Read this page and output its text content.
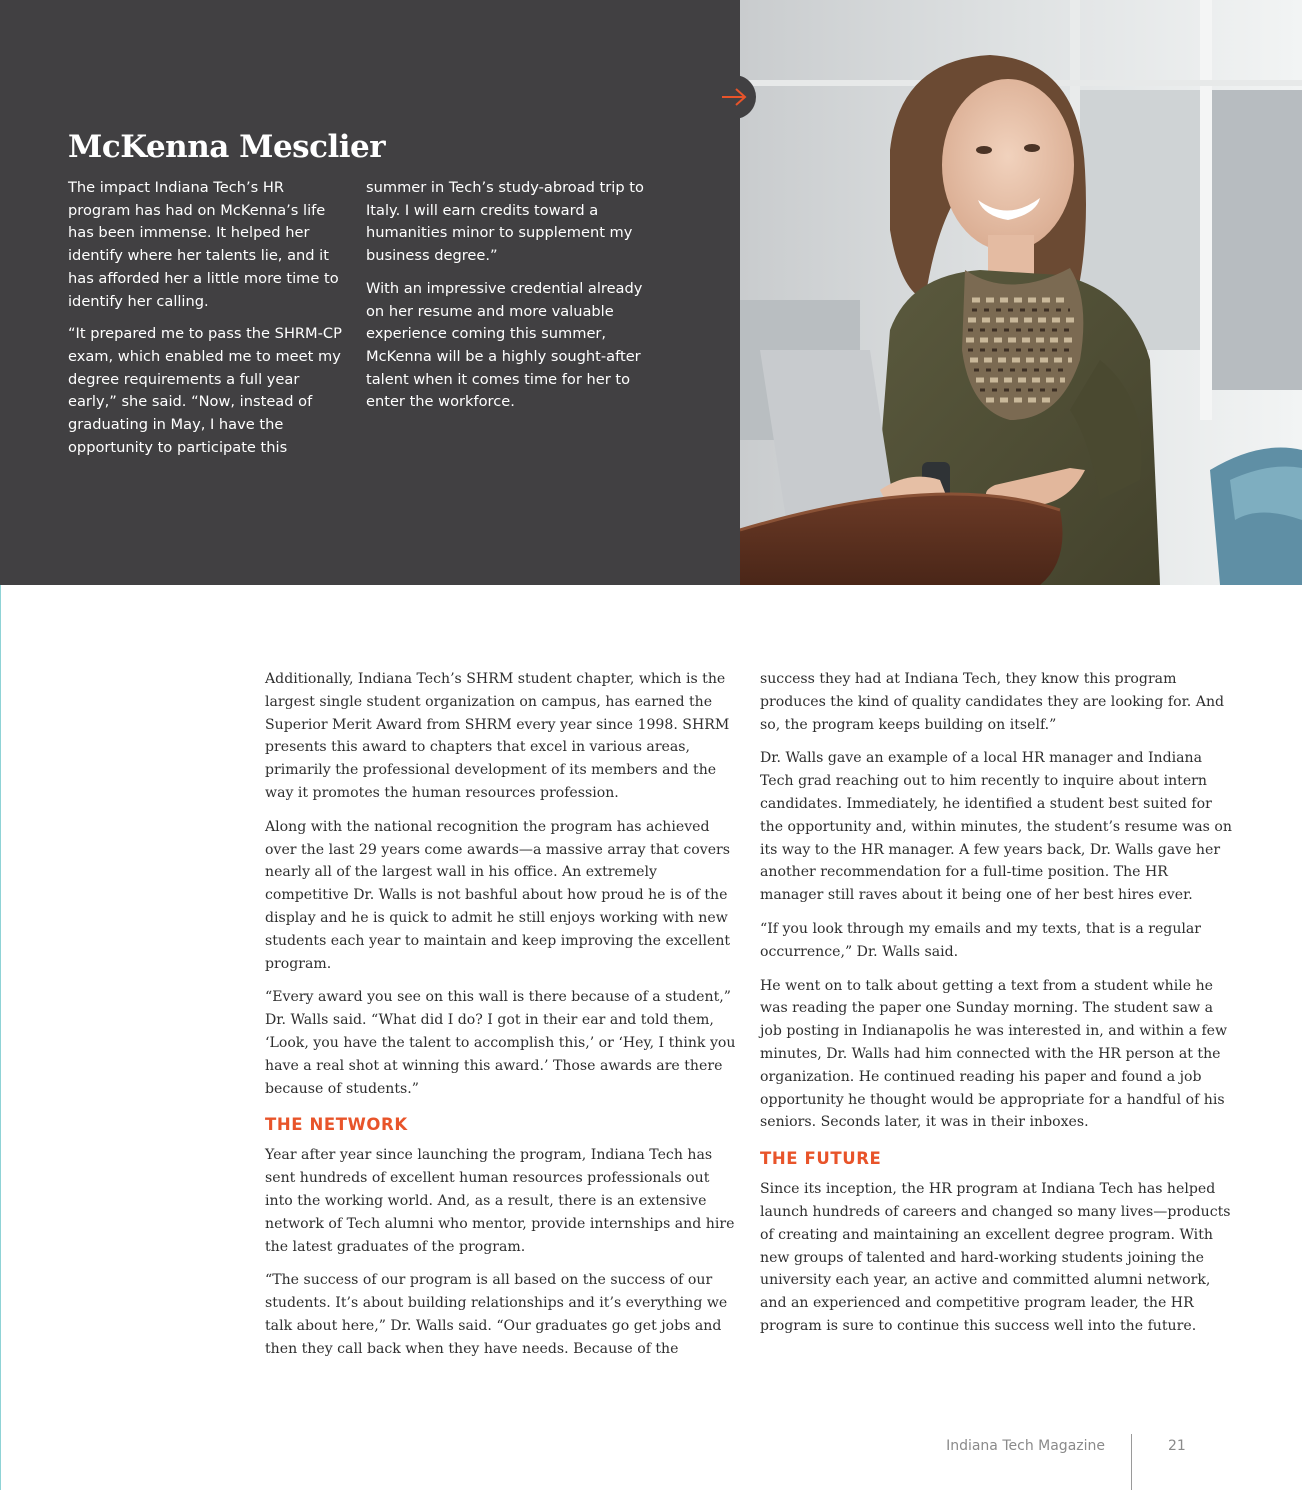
McKenna Mesclier

The impact Indiana Tech’s HR program has had on McKenna’s life has been immense. It helped her identify where her talents lie, and it has afforded her a little more time to identify her calling.

“It prepared me to pass the SHRM-CP exam, which enabled me to meet my degree requirements a full year early,” she said. “Now, instead of graduating in May, I have the opportunity to participate this

summer in Tech’s study-abroad trip to Italy. I will earn credits toward a humanities minor to supplement my business degree.”

With an impressive credential already on her resume and more valuable experience coming this summer, McKenna will be a highly sought-after talent when it comes time for her to enter the workforce.

Additionally, Indiana Tech’s SHRM student chapter, which is the largest single student organization on campus, has earned the Superior Merit Award from SHRM every year since 1998. SHRM presents this award to chapters that excel in various areas, primarily the professional development of its members and the way it promotes the human resources profession.

Along with the national recognition the program has achieved over the last 29 years come awards—a massive array that covers nearly all of the largest wall in his office. An extremely competitive Dr. Walls is not bashful about how proud he is of the display and he is quick to admit he still enjoys working with new students each year to maintain and keep improving the excellent program.

“Every award you see on this wall is there because of a student,” Dr. Walls said. “What did I do? I got in their ear and told them, ‘Look, you have the talent to accomplish this,’ or ‘Hey, I think you have a real shot at winning this award.’ Those awards are there because of students.”

THE NETWORK

Year after year since launching the program, Indiana Tech has sent hundreds of excellent human resources professionals out into the working world. And, as a result, there is an extensive network of Tech alumni who mentor, provide internships and hire the latest graduates of the program.

“The success of our program is all based on the success of our students. It’s about building relationships and it’s everything we talk about here,” Dr. Walls said. “Our graduates go get jobs and then they call back when they have needs. Because of the

success they had at Indiana Tech, they know this program produces the kind of quality candidates they are looking for. And so, the program keeps building on itself.”

Dr. Walls gave an example of a local HR manager and Indiana Tech grad reaching out to him recently to inquire about intern candidates. Immediately, he identified a student best suited for the opportunity and, within minutes, the student’s resume was on its way to the HR manager. A few years back, Dr. Walls gave her another recommendation for a full-time position. The HR manager still raves about it being one of her best hires ever.

“If you look through my emails and my texts, that is a regular occurrence,” Dr. Walls said.

He went on to talk about getting a text from a student while he was reading the paper one Sunday morning. The student saw a job posting in Indianapolis he was interested in, and within a few minutes, Dr. Walls had him connected with the HR person at the organization. He continued reading his paper and found a job opportunity he thought would be appropriate for a handful of his seniors. Seconds later, it was in their inboxes.

THE FUTURE

Since its inception, the HR program at Indiana Tech has helped launch hundreds of careers and changed so many lives—products of creating and maintaining an excellent degree program. With new groups of talented and hard-working students joining the university each year, an active and committed alumni network, and an experienced and competitive program leader, the HR program is sure to continue this success well into the future.

Indiana Tech Magazine	21
